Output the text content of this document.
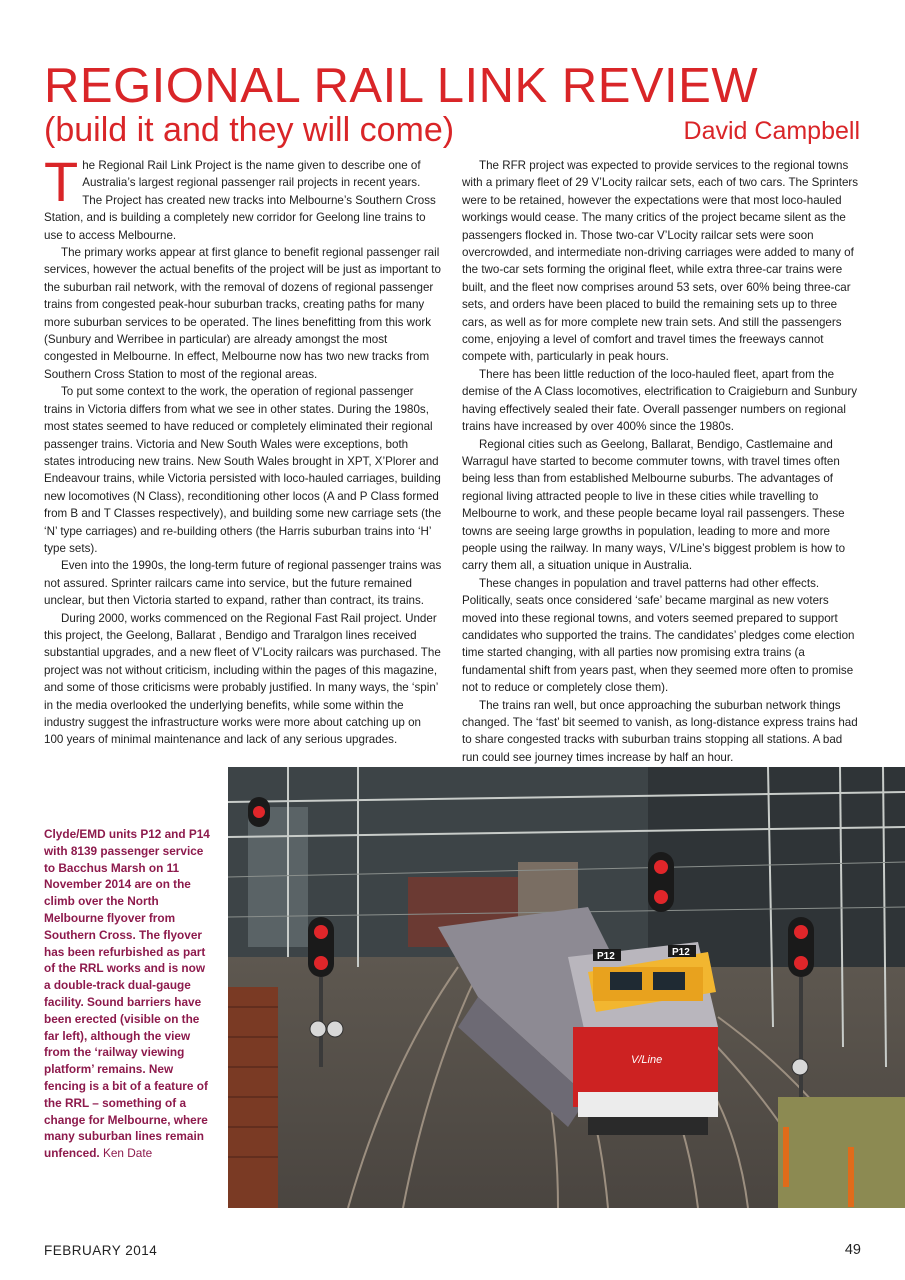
REGIONAL RAIL LINK REVIEW
(build it and they will come)	David Campbell

The Regional Rail Link Project is the name given to describe one of Australia’s largest regional passenger rail projects in recent years. The Project has created new tracks into Melbourne’s Southern Cross Station, and is building a completely new corridor for Geelong line trains to use to access Melbourne.

The primary works appear at first glance to benefit regional passenger rail services, however the actual benefits of the project will be just as important to the suburban rail network, with the removal of dozens of regional passenger trains from congested peak-hour suburban tracks, creating paths for many more suburban services to be operated. The lines benefitting from this work (Sunbury and Werribee in particular) are already amongst the most congested in Melbourne. In effect, Melbourne now has two new tracks from Southern Cross Station to most of the regional areas.

To put some context to the work, the operation of regional passenger trains in Victoria differs from what we see in other states. During the 1980s, most states seemed to have reduced or completely eliminated their regional passenger trains. Victoria and New South Wales were exceptions, both states introducing new trains. New South Wales brought in XPT, X’Plorer and Endeavour trains, while Victoria persisted with loco-hauled carriages, building new locomotives (N Class), reconditioning other locos (A and P Class formed from B and T Classes respectively), and building some new carriage sets (the ‘N’ type carriages) and re-building others (the Harris suburban trains into ‘H’ type sets).

Even into the 1990s, the long-term future of regional passenger trains was not assured. Sprinter railcars came into service, but the future remained unclear, but then Victoria started to expand, rather than contract, its trains.

During 2000, works commenced on the Regional Fast Rail project. Under this project, the Geelong, Ballarat , Bendigo and Traralgon lines received substantial upgrades, and a new fleet of V’Locity railcars was purchased. The project was not without criticism, including within the pages of this magazine, and some of those criticisms were probably justified. In many ways, the ‘spin’ in the media overlooked the underlying benefits, while some within the industry suggest the infrastructure works were more about catching up on 100 years of minimal maintenance and lack of any serious upgrades.

The RFR project was expected to provide services to the regional towns with a primary fleet of 29 V’Locity railcar sets, each of two cars. The Sprinters were to be retained, however the expectations were that most loco-hauled workings would cease. The many critics of the project became silent as the passengers flocked in. Those two-car V’Locity railcar sets were soon overcrowded, and intermediate non-driving carriages were added to many of the two-car sets forming the original fleet, while extra three-car trains were built, and the fleet now comprises around 53 sets, over 60% being three-car sets, and orders have been placed to build the remaining sets up to three cars, as well as for more complete new train sets. And still the passengers come, enjoying a level of comfort and travel times the freeways cannot compete with, particularly in peak hours.

There has been little reduction of the loco-hauled fleet, apart from the demise of the A Class locomotives, electrification to Craigieburn and Sunbury having effectively sealed their fate. Overall passenger numbers on regional trains have increased by over 400% since the 1980s.

Regional cities such as Geelong, Ballarat, Bendigo, Castlemaine and Warragul have started to become commuter towns, with travel times often being less than from established Melbourne suburbs. The advantages of regional living attracted people to live in these cities while travelling to Melbourne to work, and these people became loyal rail passengers. These towns are seeing large growths in population, leading to more and more people using the railway. In many ways, V/Line’s biggest problem is how to carry them all, a situation unique in Australia.

These changes in population and travel patterns had other effects. Politically, seats once considered ‘safe’ became marginal as new voters moved into these regional towns, and voters seemed prepared to support candidates who supported the trains. The candidates’ pledges come election time started changing, with all parties now promising extra trains (a fundamental shift from years past, when they seemed more often to promise not to reduce or completely close them).

The trains ran well, but once approaching the suburban network things changed. The ‘fast’ bit seemed to vanish, as long-distance express trains had to share congested tracks with suburban trains stopping all stations. A bad run could see journey times increase by half an hour.

Clyde/EMD units P12 and P14 with 8139 passenger service to Bacchus Marsh on 11 November 2014 are on the climb over the North Melbourne flyover from Southern Cross. The flyover has been refurbished as part of the RRL works and is now a double-track dual-gauge facility. Sound barriers have been erected (visible on the far left), although the view from the ‘railway viewing platform’ remains. New fencing is a bit of a feature of the RRL – something of a change for Melbourne, where many suburban lines remain unfenced. Ken Date
P12	P12
V/Line
FEBRUARY 2014	49
